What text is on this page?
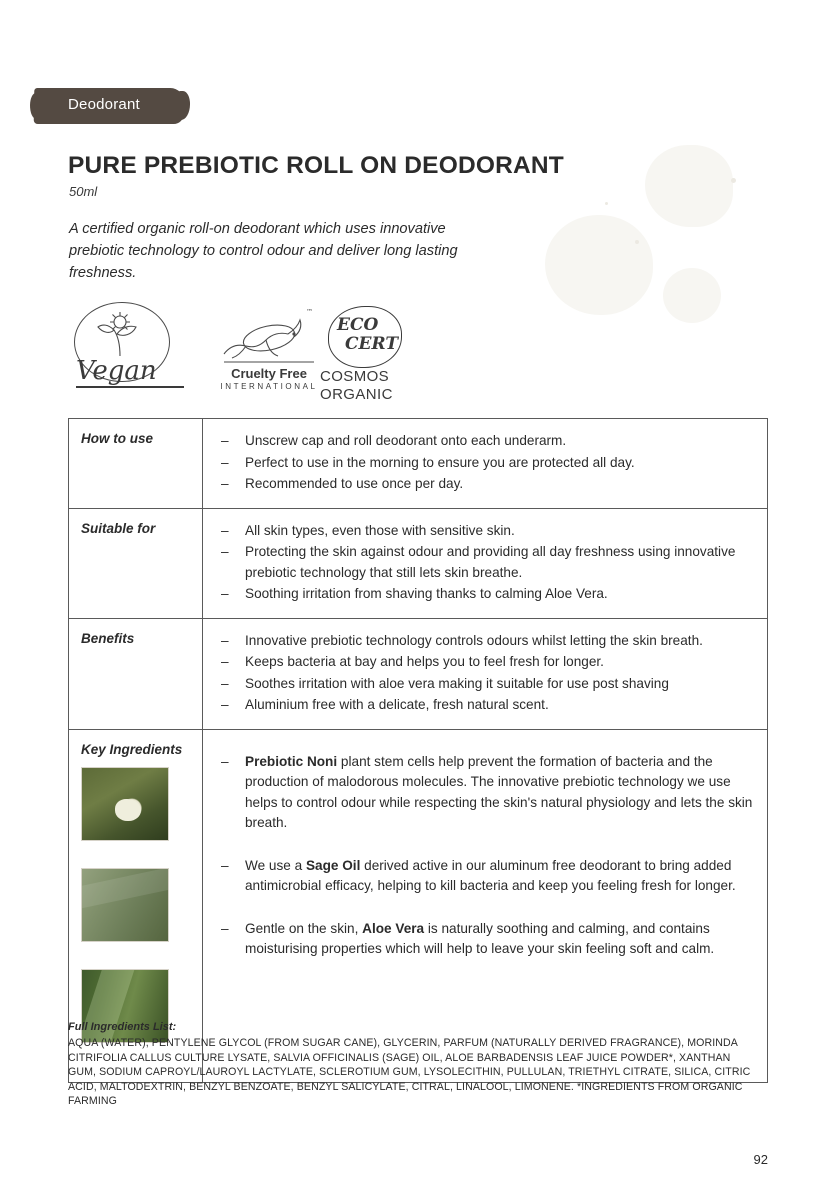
Deodorant
PURE PREBIOTIC ROLL ON DEODORANT
50ml
A certified organic roll-on deodorant which uses innovative prebiotic technology to control odour and deliver long lasting freshness.
Vegan
™
Cruelty Free
INTERNATIONAL
ECO
CERT
COSMOS
ORGANIC
How to use	– Unscrew cap and roll deodorant onto each underarm.
– Perfect to use in the morning to ensure you are protected all day.
– Recommended to use once per day.
Suitable for	– All skin types, even those with sensitive skin.
– Protecting the skin against odour and providing all day freshness using innovative prebiotic technology that still lets skin breathe.
– Soothing irritation from shaving thanks to calming Aloe Vera.
Benefits	– Innovative prebiotic technology controls odours whilst letting the skin breath.
– Keeps bacteria at bay and helps you to feel fresh for longer.
– Soothes irritation with aloe vera making it suitable for use post shaving
– Aluminium free with a delicate, fresh natural scent.
Key Ingredients
– Prebiotic Noni plant stem cells help prevent the formation of bacteria and the production of malodorous molecules. The innovative prebiotic technology we use helps to control odour while respecting the skin's natural physiology and lets the skin breath.
– We use a Sage Oil derived active in our aluminum free deodorant to bring added antimicrobial efficacy, helping to kill bacteria and keep you feeling fresh for longer.
– Gentle on the skin, Aloe Vera is naturally soothing and calming, and contains moisturising properties which will help to leave your skin feeling soft and calm.
Full Ingredients List:
AQUA (WATER), PENTYLENE GLYCOL (FROM SUGAR CANE), GLYCERIN, PARFUM (NATURALLY DERIVED FRAGRANCE), MORINDA CITRIFOLIA CALLUS CULTURE LYSATE, SALVIA OFFICINALIS (SAGE) OIL, ALOE BARBADENSIS LEAF JUICE POWDER*, XANTHAN GUM, SODIUM CAPROYL/LAUROYL LACTYLATE, SCLEROTIUM GUM, LYSOLECITHIN, PULLULAN, TRIETHYL CITRATE, SILICA, CITRIC ACID, MALTODEXTRIN, BENZYL BENZOATE, BENZYL SALICYLATE, CITRAL, LINALOOL, LIMONENE. *INGREDIENTS FROM ORGANIC FARMING
92
